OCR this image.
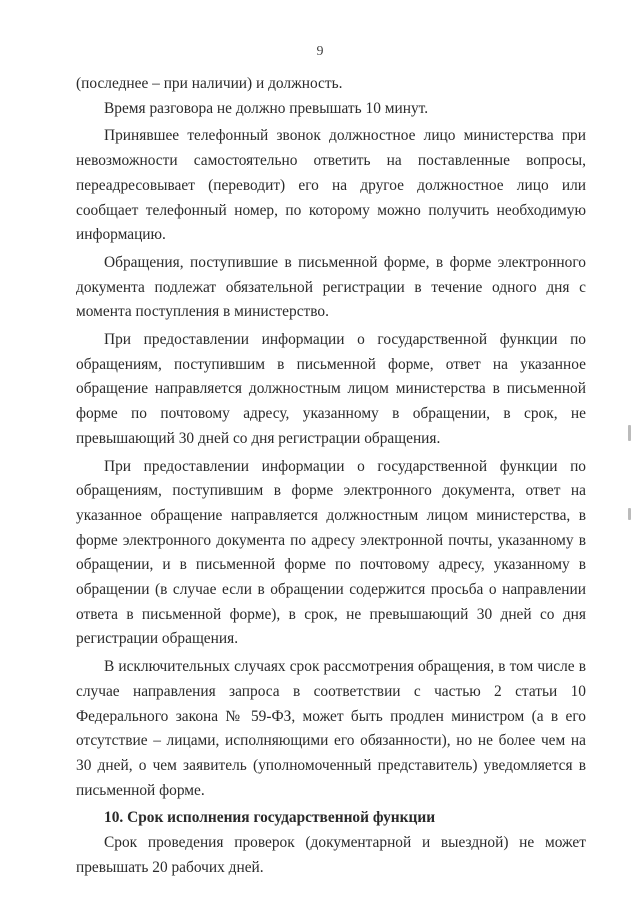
9

(последнее – при наличии) и должность.

Время разговора не должно превышать 10 минут.

Принявшее телефонный звонок должностное лицо министерства при невозможности самостоятельно ответить на поставленные вопросы, переадресовывает (переводит) его на другое должностное лицо или сообщает телефонный номер, по которому можно получить необходимую информацию.

Обращения, поступившие в письменной форме, в форме электронного документа подлежат обязательной регистрации в течение одного дня с момента поступления в министерство.

При предоставлении информации о государственной функции по обращениям, поступившим в письменной форме, ответ на указанное обращение направляется должностным лицом министерства в письменной форме по почтовому адресу, указанному в обращении, в срок, не превышающий 30 дней со дня регистрации обращения.

При предоставлении информации о государственной функции по обращениям, поступившим в форме электронного документа, ответ на указанное обращение направляется должностным лицом министерства, в форме электронного документа по адресу электронной почты, указанному в обращении, и в письменной форме по почтовому адресу, указанному в обращении (в случае если в обращении содержится просьба о направлении ответа в письменной форме), в срок, не превышающий 30 дней со дня регистрации обращения.

В исключительных случаях срок рассмотрения обращения, в том числе в случае направления запроса в соответствии с частью 2 статьи 10 Федерального закона № 59-ФЗ, может быть продлен министром (а в его отсутствие – лицами, исполняющими его обязанности), но не более чем на 30 дней, о чем заявитель (уполномоченный представитель) уведомляется в письменной форме.

10. Срок исполнения государственной функции

Срок проведения проверок (документарной и выездной) не может превышать 20 рабочих дней.
